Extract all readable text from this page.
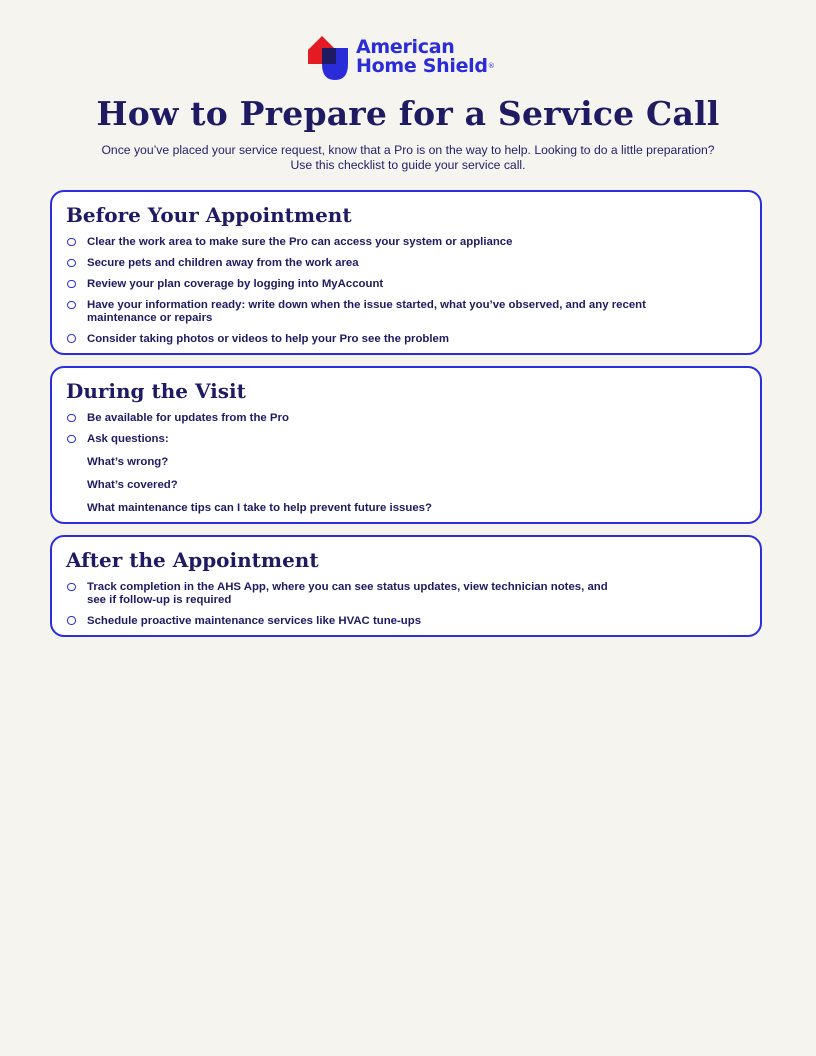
American
Home Shield®
How to Prepare for a Service Call
Once you’ve placed your service request, know that a Pro is on the way to help. Looking to do a little preparation?
Use this checklist to guide your service call.
Before Your Appointment
Clear the work area to make sure the Pro can access your system or appliance
Secure pets and children away from the work area
Review your plan coverage by logging into MyAccount
Have your information ready: write down when the issue started, what you’ve observed, and any recent maintenance or repairs
Consider taking photos or videos to help your Pro see the problem
During the Visit
Be available for updates from the Pro
Ask questions:
What’s wrong?
What’s covered?
What maintenance tips can I take to help prevent future issues?
After the Appointment
Track completion in the AHS App, where you can see status updates, view technician notes, and see if follow-up is required
Schedule proactive maintenance services like HVAC tune-ups
